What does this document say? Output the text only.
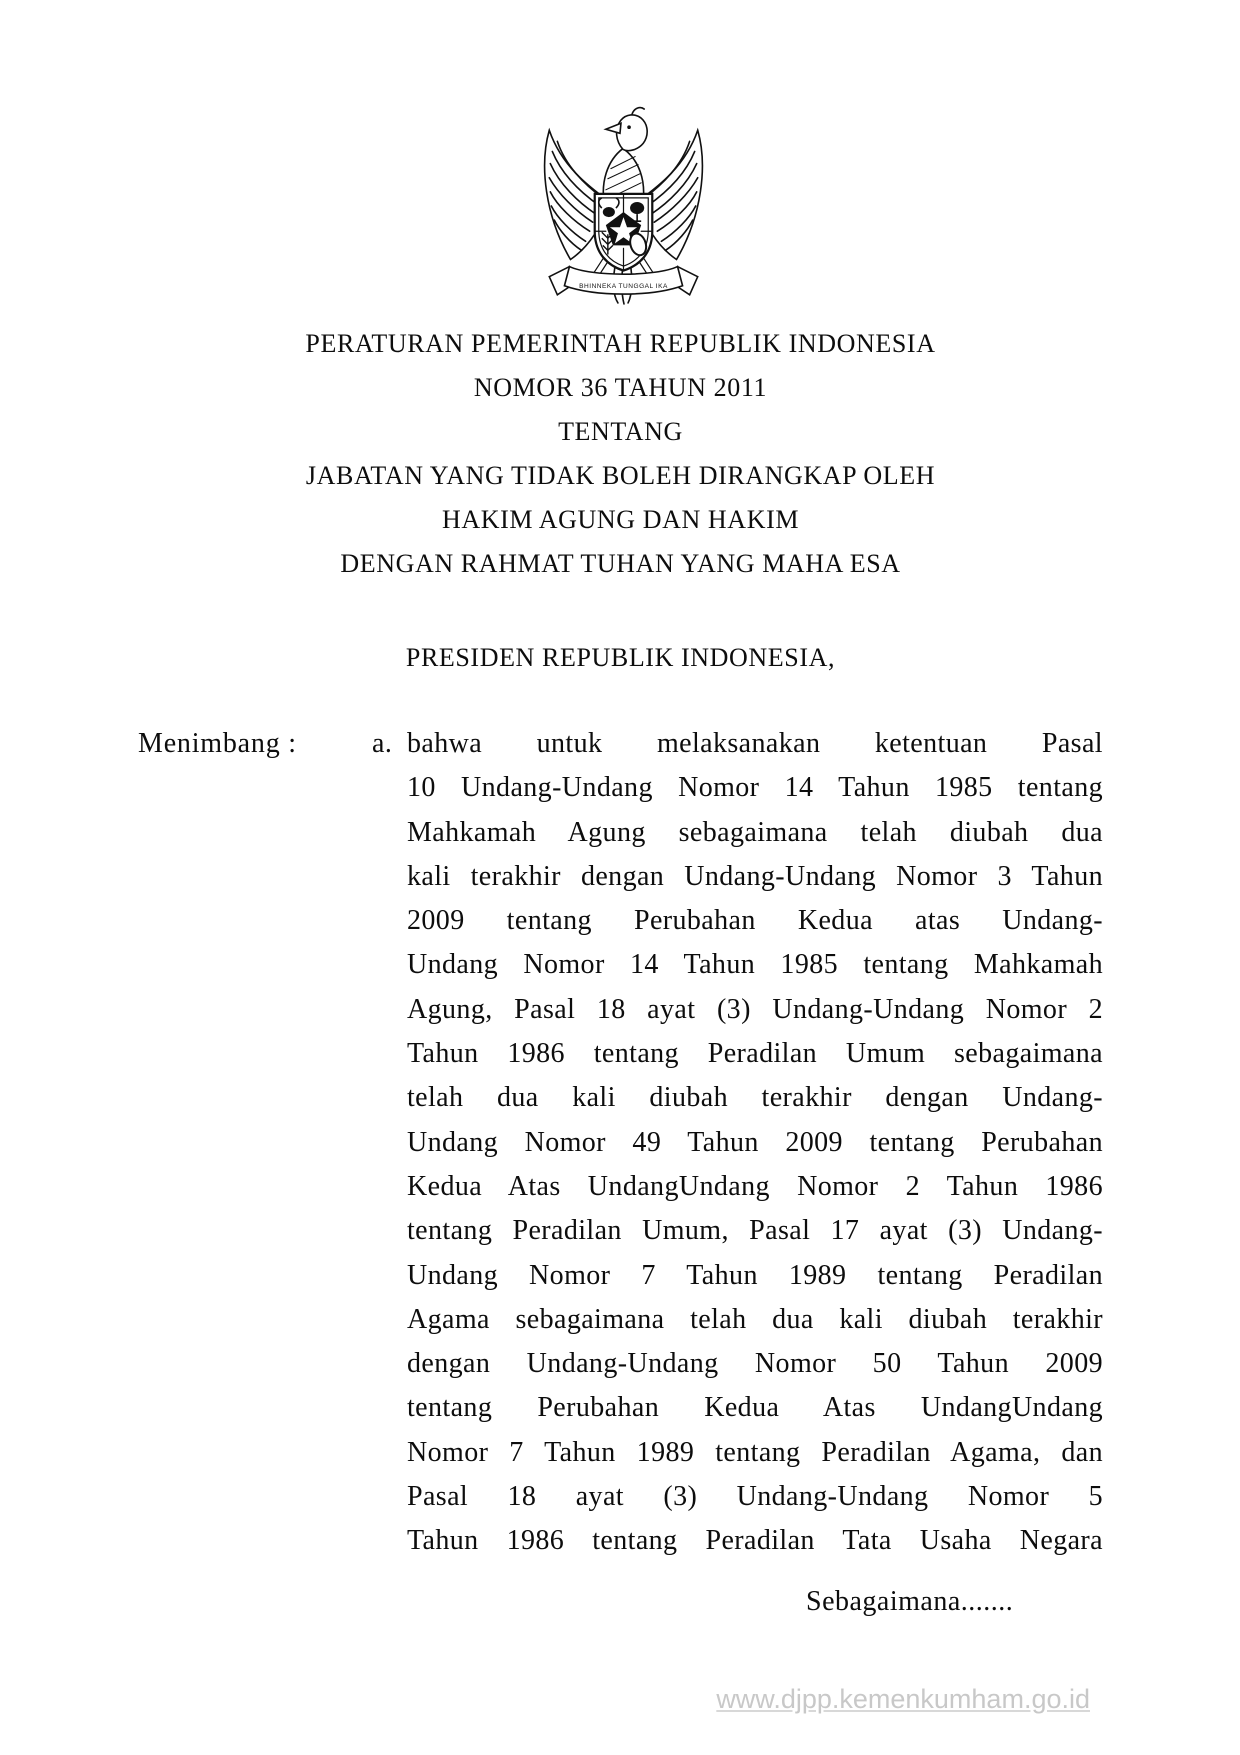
BHINNEKA TUNGGAL IKA
PERATURAN PEMERINTAH REPUBLIK INDONESIA
NOMOR 36 TAHUN 2011
TENTANG
JABATAN YANG TIDAK BOLEH DIRANGKAP OLEH
HAKIM AGUNG DAN HAKIM
DENGAN RAHMAT TUHAN YANG MAHA ESA
PRESIDEN REPUBLIK INDONESIA,
Menimbang :	a. bahwa untuk melaksanakan ketentuan Pasal
10 Undang-Undang Nomor 14 Tahun 1985 tentang
Mahkamah Agung sebagaimana telah diubah dua
kali terakhir dengan Undang-Undang Nomor 3 Tahun
2009 tentang Perubahan Kedua atas Undang-
Undang Nomor 14 Tahun 1985 tentang Mahkamah
Agung, Pasal 18 ayat (3) Undang-Undang Nomor 2
Tahun 1986 tentang Peradilan Umum sebagaimana
telah dua kali diubah terakhir dengan Undang-
Undang Nomor 49 Tahun 2009 tentang Perubahan
Kedua Atas UndangUndang Nomor 2 Tahun 1986
tentang Peradilan Umum, Pasal 17 ayat (3) Undang-
Undang Nomor 7 Tahun 1989 tentang Peradilan
Agama sebagaimana telah dua kali diubah terakhir
dengan Undang-Undang Nomor 50 Tahun 2009
tentang Perubahan Kedua Atas UndangUndang
Nomor 7 Tahun 1989 tentang Peradilan Agama, dan
Pasal 18 ayat (3) Undang-Undang Nomor 5
Tahun 1986 tentang Peradilan Tata Usaha Negara
Sebagaimana.......
www.djpp.kemenkumham.go.id
